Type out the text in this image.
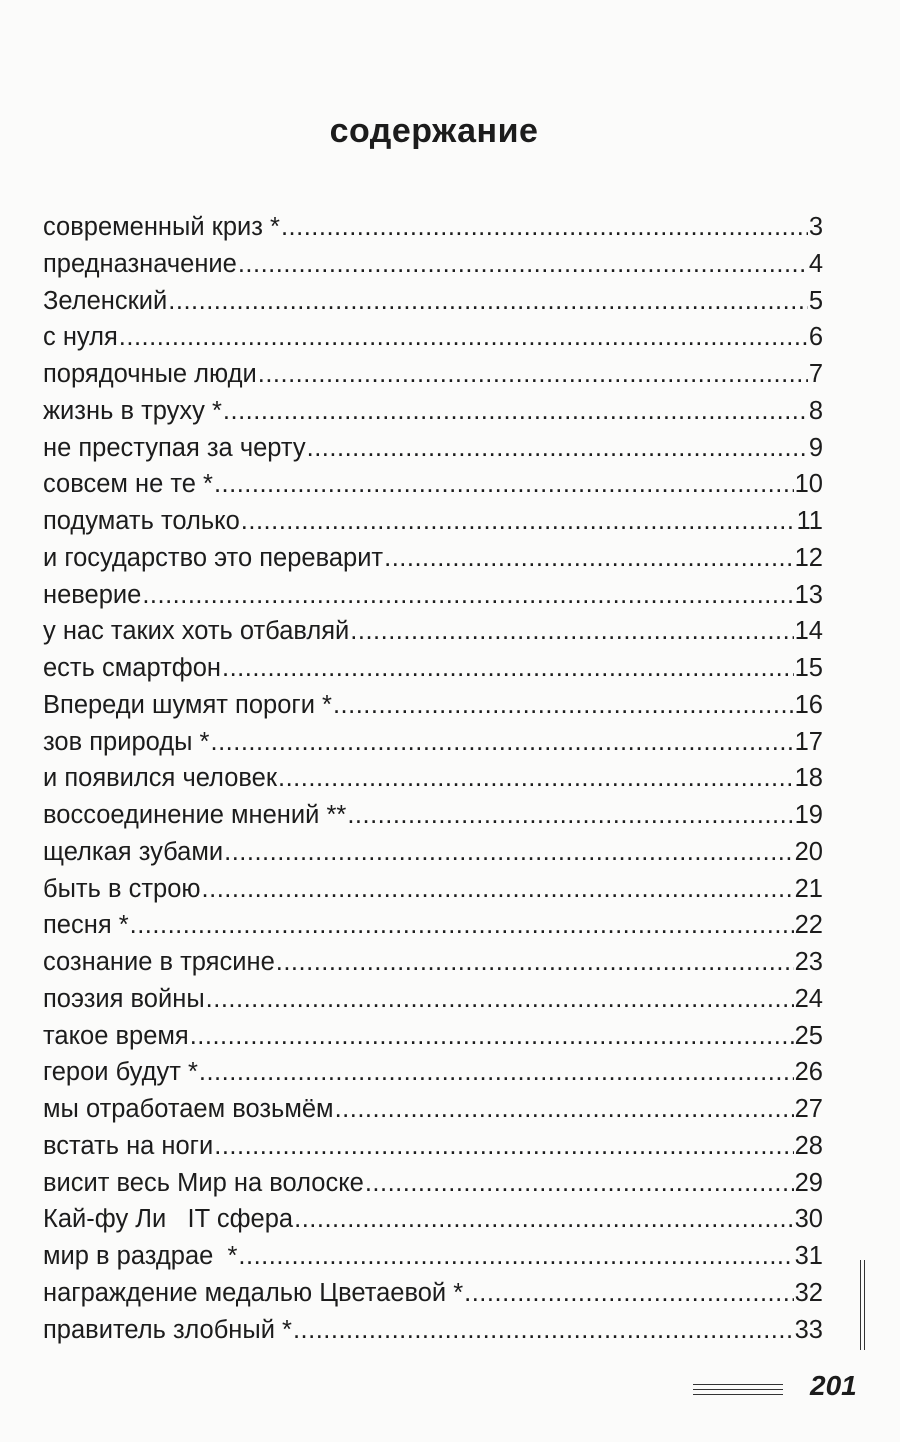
содержание
современный криз * .....	3
предназначение .....	4
Зеленский .....	5
с нуля .....	6
порядочные люди .....	7
жизнь в труху * .....	8
не преступая за черту .....	9
совсем не те * .....	10
подумать только .....	11
и государство это переварит .....	12
неверие .....	13
у нас таких хоть отбавляй .....	14
есть смартфон .....	15
Впереди шумят пороги * .....	16
зов природы * .....	17
и появился человек .....	18
воссоединение мнений ** .....	19
щелкая зубами .....	20
быть в строю .....	21
песня * .....	22
сознание в трясине .....	23
поэзия войны .....	24
такое время .....	25
герои будут * .....	26
мы отработаем возьмём .....	27
встать на ноги .....	28
висит весь Мир на волоске .....	29
Кай-фу Ли   IT сфера .....	30
мир в раздрае  * .....	31
награждение медалью Цветаевой * .....	32
правитель злобный * .....	33
201
